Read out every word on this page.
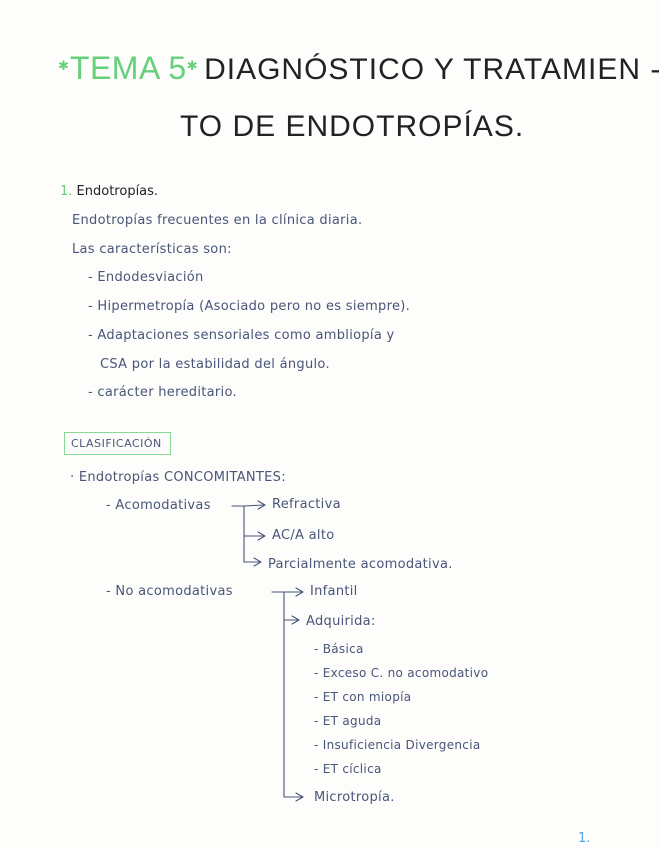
✱TEMA 5✱ DIAGNÓSTICO Y TRATAMIEN -
TO DE ENDOTROPÍAS.
1. Endotropías.
Endotropías frecuentes en la clínica diaria.
Las características son:
- Endodesviación
- Hipermetropía (Asociado pero no es siempre).
- Adaptaciones sensoriales como ambliopía y
CSA por la estabilidad del ángulo.
- carácter hereditario.
CLASIFICACIÓN
· Endotropías CONCOMITANTES:
- Acomodativas	Refractiva
AC/A alto
Parcialmente acomodativa.
- No acomodativas	Infantil
Adquirida:
- Básica
- Exceso C. no acomodativo
- ET con miopía
- ET aguda
- Insuficiencia Divergencia
- ET cíclica
Microtropía.
1.
